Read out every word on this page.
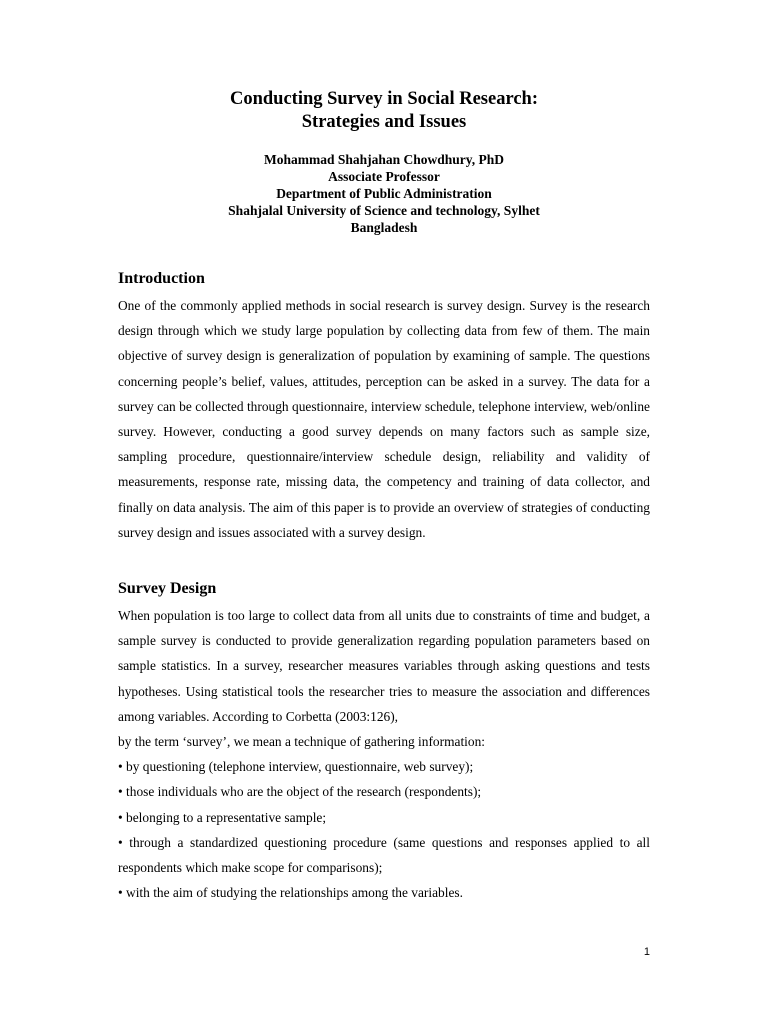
Conducting Survey in Social Research:
Strategies and Issues
Mohammad Shahjahan Chowdhury, PhD
Associate Professor
Department of Public Administration
Shahjalal University of Science and technology, Sylhet
Bangladesh
Introduction

One of the commonly applied methods in social research is survey design. Survey is the research design through which we study large population by collecting data from few of them. The main objective of survey design is generalization of population by examining of sample. The questions concerning people’s belief, values, attitudes, perception can be asked in a survey. The data for a survey can be collected through questionnaire, interview schedule, telephone interview, web/online survey. However, conducting a good survey depends on many factors such as sample size, sampling procedure, questionnaire/interview schedule design, reliability and validity of measurements, response rate, missing data, the competency and training of data collector, and finally on data analysis. The aim of this paper is to provide an overview of strategies of conducting survey design and issues associated with a survey design.

Survey Design

When population is too large to collect data from all units due to constraints of time and budget, a sample survey is conducted to provide generalization regarding population parameters based on sample statistics. In a survey, researcher measures variables through asking questions and tests hypotheses. Using statistical tools the researcher tries to measure the association and differences among variables. According to Corbetta (2003:126),

by the term ‘survey’, we mean a technique of gathering information:

• by questioning (telephone interview, questionnaire, web survey);

• those individuals who are the object of the research (respondents);

• belonging to a representative sample;

• through a standardized questioning procedure (same questions and responses applied to all respondents which make scope for comparisons);

• with the aim of studying the relationships among the variables.

1
